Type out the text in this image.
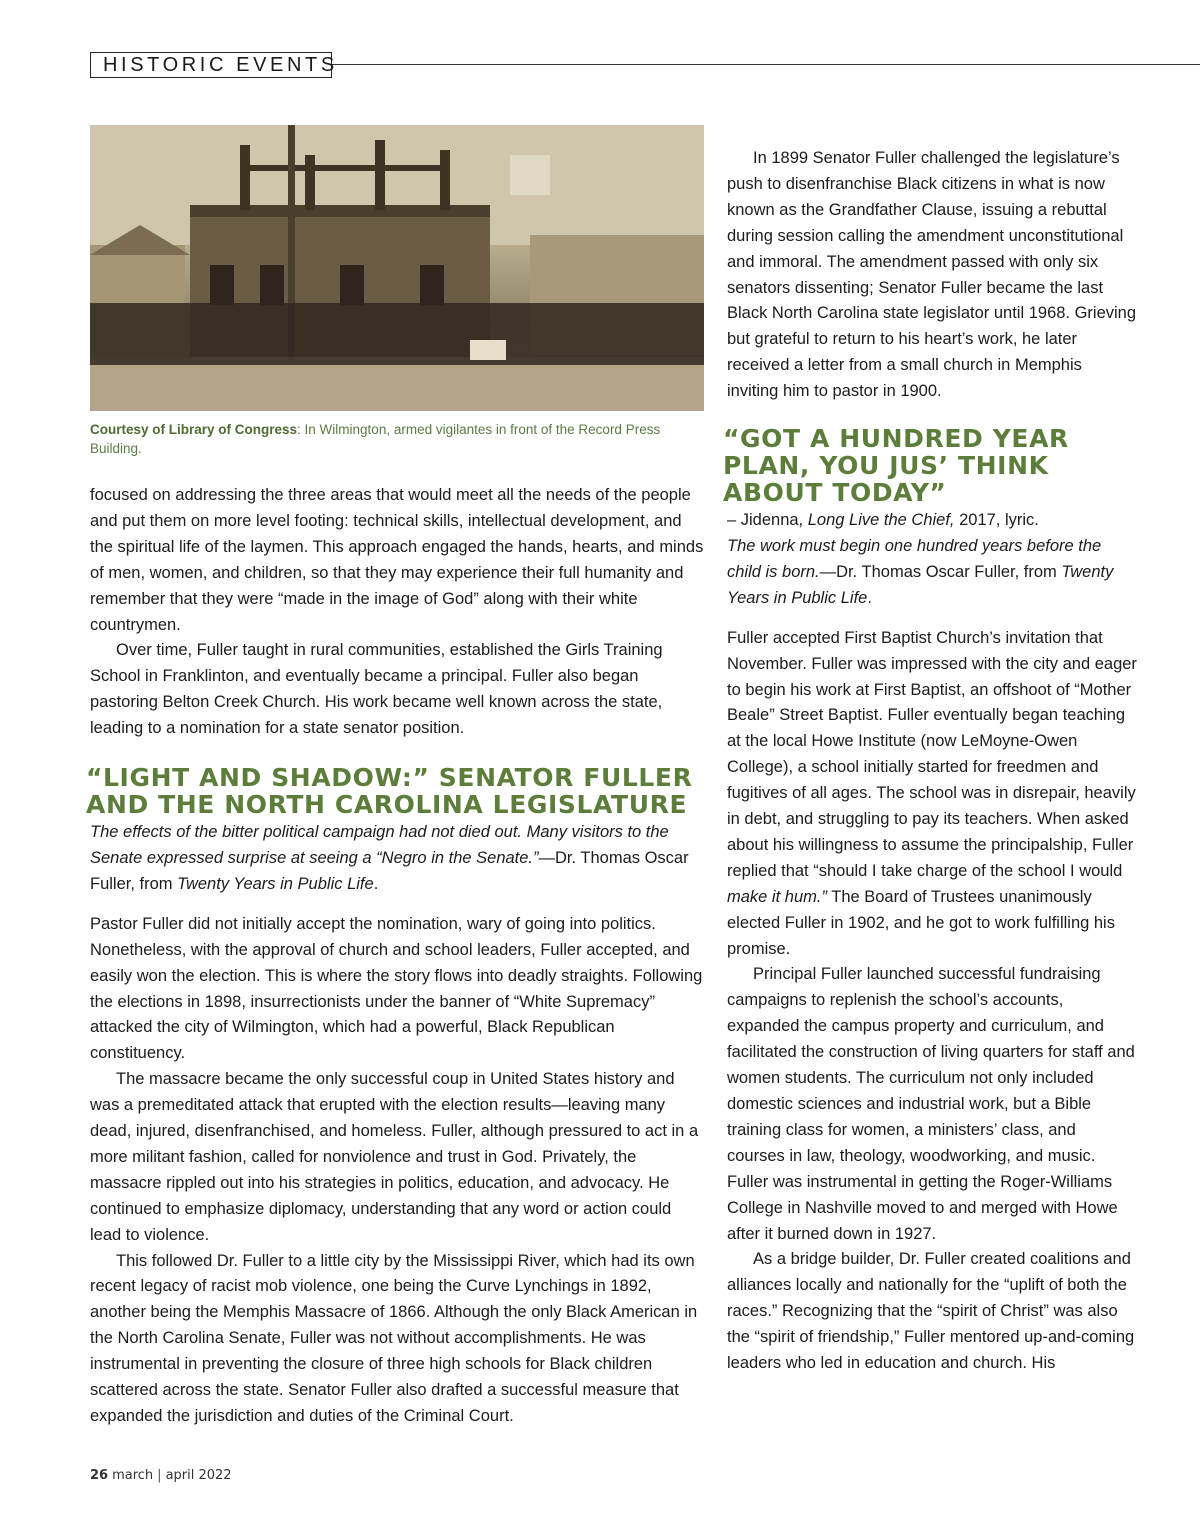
HISTORIC EVENTS
Courtesy of Library of Congress: In Wilmington, armed vigilantes in front of the Record Press Building.

focused on addressing the three areas that would meet all the needs of the people and put them on more level footing: technical skills, intellectual development, and the spiritual life of the laymen. This approach engaged the hands, hearts, and minds of men, women, and children, so that they may experience their full humanity and remember that they were “made in the image of God” along with their white countrymen.

Over time, Fuller taught in rural communities, established the Girls Training School in Franklinton, and eventually became a principal. Fuller also began pastoring Belton Creek Church. His work became well known across the state, leading to a nomination for a state senator position.

“LIGHT AND SHADOW:” SENATOR FULLER AND THE NORTH CAROLINA LEGISLATURE

The effects of the bitter political campaign had not died out. Many visitors to the Senate expressed surprise at seeing a “Negro in the Senate.”—Dr. Thomas Oscar Fuller, from Twenty Years in Public Life.

Pastor Fuller did not initially accept the nomination, wary of going into politics. Nonetheless, with the approval of church and school leaders, Fuller accepted, and easily won the election. This is where the story flows into deadly straights. Following the elections in 1898, insurrectionists under the banner of “White Supremacy” attacked the city of Wilmington, which had a powerful, Black Republican constituency.

The massacre became the only successful coup in United States history and was a premeditated attack that erupted with the election results—leaving many dead, injured, disenfranchised, and homeless. Fuller, although pressured to act in a more militant fashion, called for nonviolence and trust in God. Privately, the massacre rippled out into his strategies in politics, education, and advocacy. He continued to emphasize diplomacy, understanding that any word or action could lead to violence.

This followed Dr. Fuller to a little city by the Mississippi River, which had its own recent legacy of racist mob violence, one being the Curve Lynchings in 1892, another being the Memphis Massacre of 1866. Although the only Black American in the North Carolina Senate, Fuller was not without accomplishments. He was instrumental in preventing the closure of three high schools for Black children scattered across the state. Senator Fuller also drafted a successful measure that expanded the jurisdiction and duties of the Criminal Court.

In 1899 Senator Fuller challenged the legislature’s push to disenfranchise Black citizens in what is now known as the Grandfather Clause, issuing a rebuttal during session calling the amendment unconstitutional and immoral. The amendment passed with only six senators dissenting; Senator Fuller became the last Black North Carolina state legislator until 1968. Grieving but grateful to return to his heart’s work, he later received a letter from a small church in Memphis inviting him to pastor in 1900.

“GOT A HUNDRED YEAR PLAN, YOU JUS’ THINK ABOUT TODAY”

– Jidenna, Long Live the Chief, 2017, lyric.

The work must begin one hundred years before the child is born.—Dr. Thomas Oscar Fuller, from Twenty Years in Public Life.

Fuller accepted First Baptist Church’s invitation that November. Fuller was impressed with the city and eager to begin his work at First Baptist, an offshoot of “Mother Beale” Street Baptist. Fuller eventually began teaching at the local Howe Institute (now LeMoyne-Owen College), a school initially started for freedmen and fugitives of all ages. The school was in disrepair, heavily in debt, and struggling to pay its teachers. When asked about his willingness to assume the principalship, Fuller replied that “should I take charge of the school I would make it hum.” The Board of Trustees unanimously elected Fuller in 1902, and he got to work fulfilling his promise.

Principal Fuller launched successful fundraising campaigns to replenish the school’s accounts, expanded the campus property and curriculum, and facilitated the construction of living quarters for staff and women students. The curriculum not only included domestic sciences and industrial work, but a Bible training class for women, a ministers’ class, and courses in law, theology, woodworking, and music. Fuller was instrumental in getting the Roger-Williams College in Nashville moved to and merged with Howe after it burned down in 1927.

As a bridge builder, Dr. Fuller created coalitions and alliances locally and nationally for the “uplift of both the races.” Recognizing that the “spirit of Christ” was also the “spirit of friendship,” Fuller mentored up-and-coming leaders who led in education and church. His

26 march | april 2022
